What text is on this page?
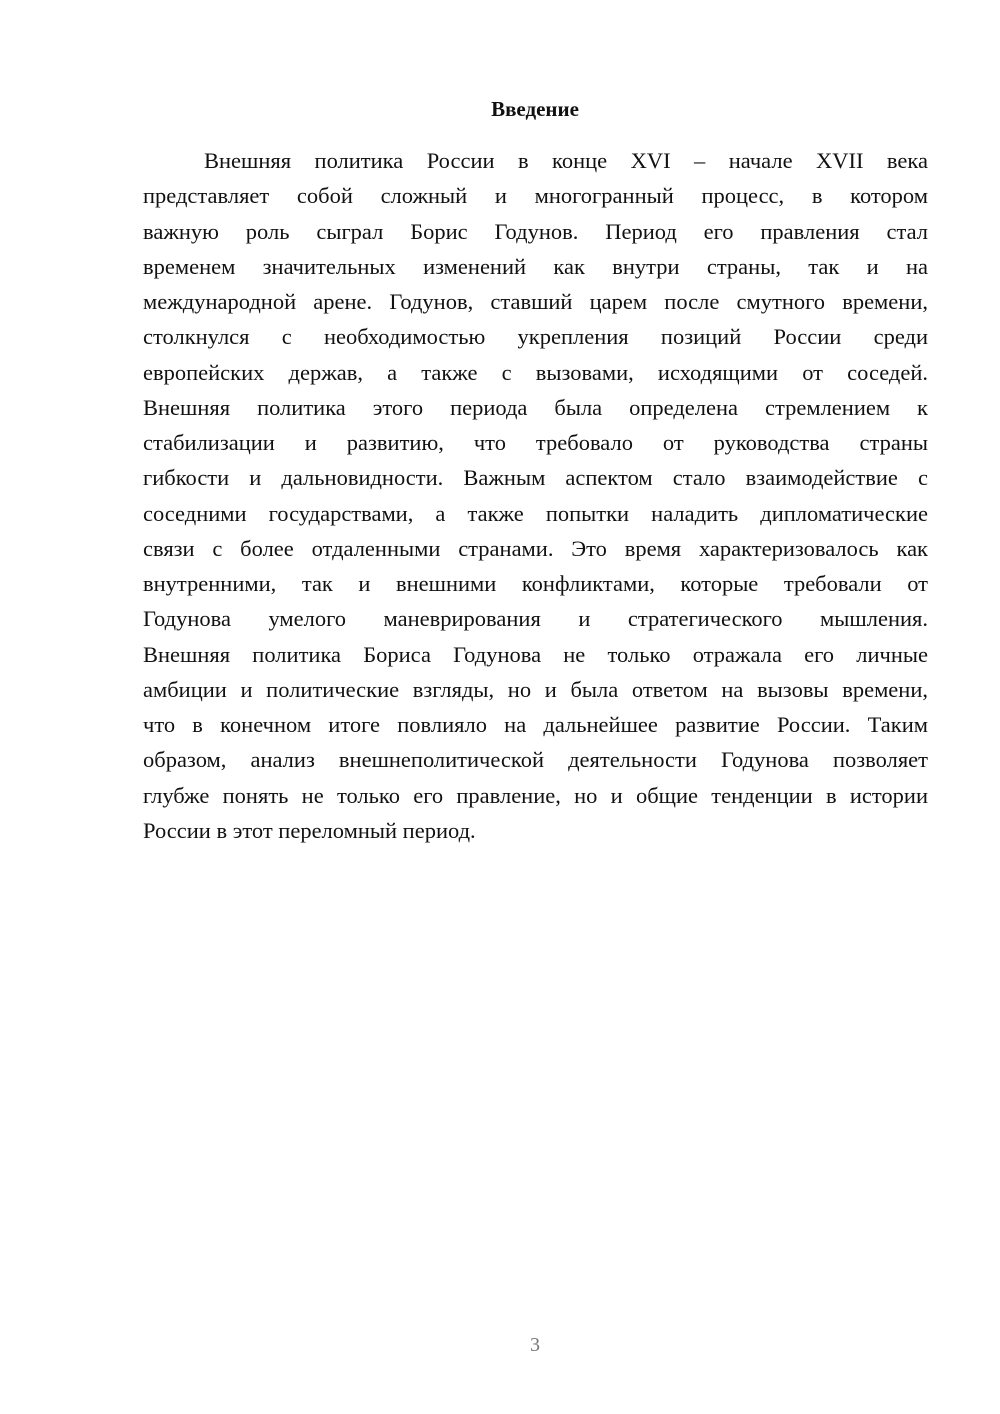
Введение
Внешняя политика России в конце XVI – начале XVII века
представляет собой сложный и многогранный процесс, в котором
важную роль сыграл Борис Годунов. Период его правления стал
временем значительных изменений как внутри страны, так и на
международной арене. Годунов, ставший царем после смутного времени,
столкнулся с необходимостью укрепления позиций России среди
европейских держав, а также с вызовами, исходящими от соседей.
Внешняя политика этого периода была определена стремлением к
стабилизации и развитию, что требовало от руководства страны
гибкости и дальновидности. Важным аспектом стало взаимодействие с
соседними государствами, а также попытки наладить дипломатические
связи с более отдаленными странами. Это время характеризовалось как
внутренними, так и внешними конфликтами, которые требовали от
Годунова умелого маневрирования и стратегического мышления.
Внешняя политика Бориса Годунова не только отражала его личные
амбиции и политические взгляды, но и была ответом на вызовы времени,
что в конечном итоге повлияло на дальнейшее развитие России. Таким
образом, анализ внешнеполитической деятельности Годунова позволяет
глубже понять не только его правление, но и общие тенденции в истории
России в этот переломный период.
3
